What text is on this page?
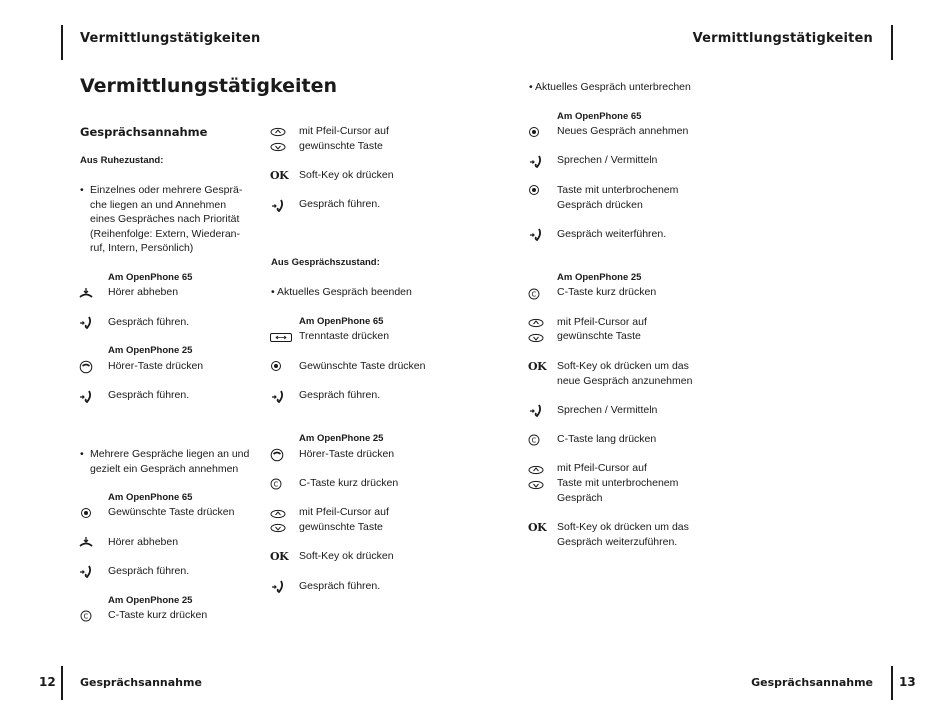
Vermittlungstätigkeiten	Vermittlungstätigkeiten
12 Gesprächsannahme	Gesprächsannahme 13
Vermittlungstätigkeiten
Gesprächsannahme
Aus Ruhezustand:
• Einzelnes oder mehrere Gesprä-
che liegen an und Annehmen
eines Gespräches nach Priorität
(Reihenfolge: Extern, Wiederan-
ruf, Intern, Persönlich)
Am OpenPhone 65
Hörer abheben
Gespräch führen.
Am OpenPhone 25
Hörer-Taste drücken
Gespräch führen.
• Mehrere Gespräche liegen an und
gezielt ein Gespräch annehmen
Am OpenPhone 65
Gewünschte Taste drücken
Hörer abheben
Gespräch führen.
Am OpenPhone 25
C C-Taste kurz drücken
mit Pfeil-Cursor auf
gewünschte Taste
OK Soft-Key ok drücken
Gespräch führen.
Aus Gesprächszustand:
• Aktuelles Gespräch beenden
Am OpenPhone 65
Trenntaste drücken
Gewünschte Taste drücken
Gespräch führen.
Am OpenPhone 25
Hörer-Taste drücken
C C-Taste kurz drücken
mit Pfeil-Cursor auf
gewünschte Taste
OK Soft-Key ok drücken
Gespräch führen.
• Aktuelles Gespräch unterbrechen
Am OpenPhone 65
Neues Gespräch annehmen
Sprechen / Vermitteln
Taste mit unterbrochenem
Gespräch drücken
Gespräch weiterführen.
Am OpenPhone 25
C C-Taste kurz drücken
mit Pfeil-Cursor auf
gewünschte Taste
OK Soft-Key ok drücken um das
neue Gespräch anzunehmen
Sprechen / Vermitteln
C C-Taste lang drücken
mit Pfeil-Cursor auf
Taste mit unterbrochenem
Gespräch
OK Soft-Key ok drücken um das
Gespräch weiterzuführen.
